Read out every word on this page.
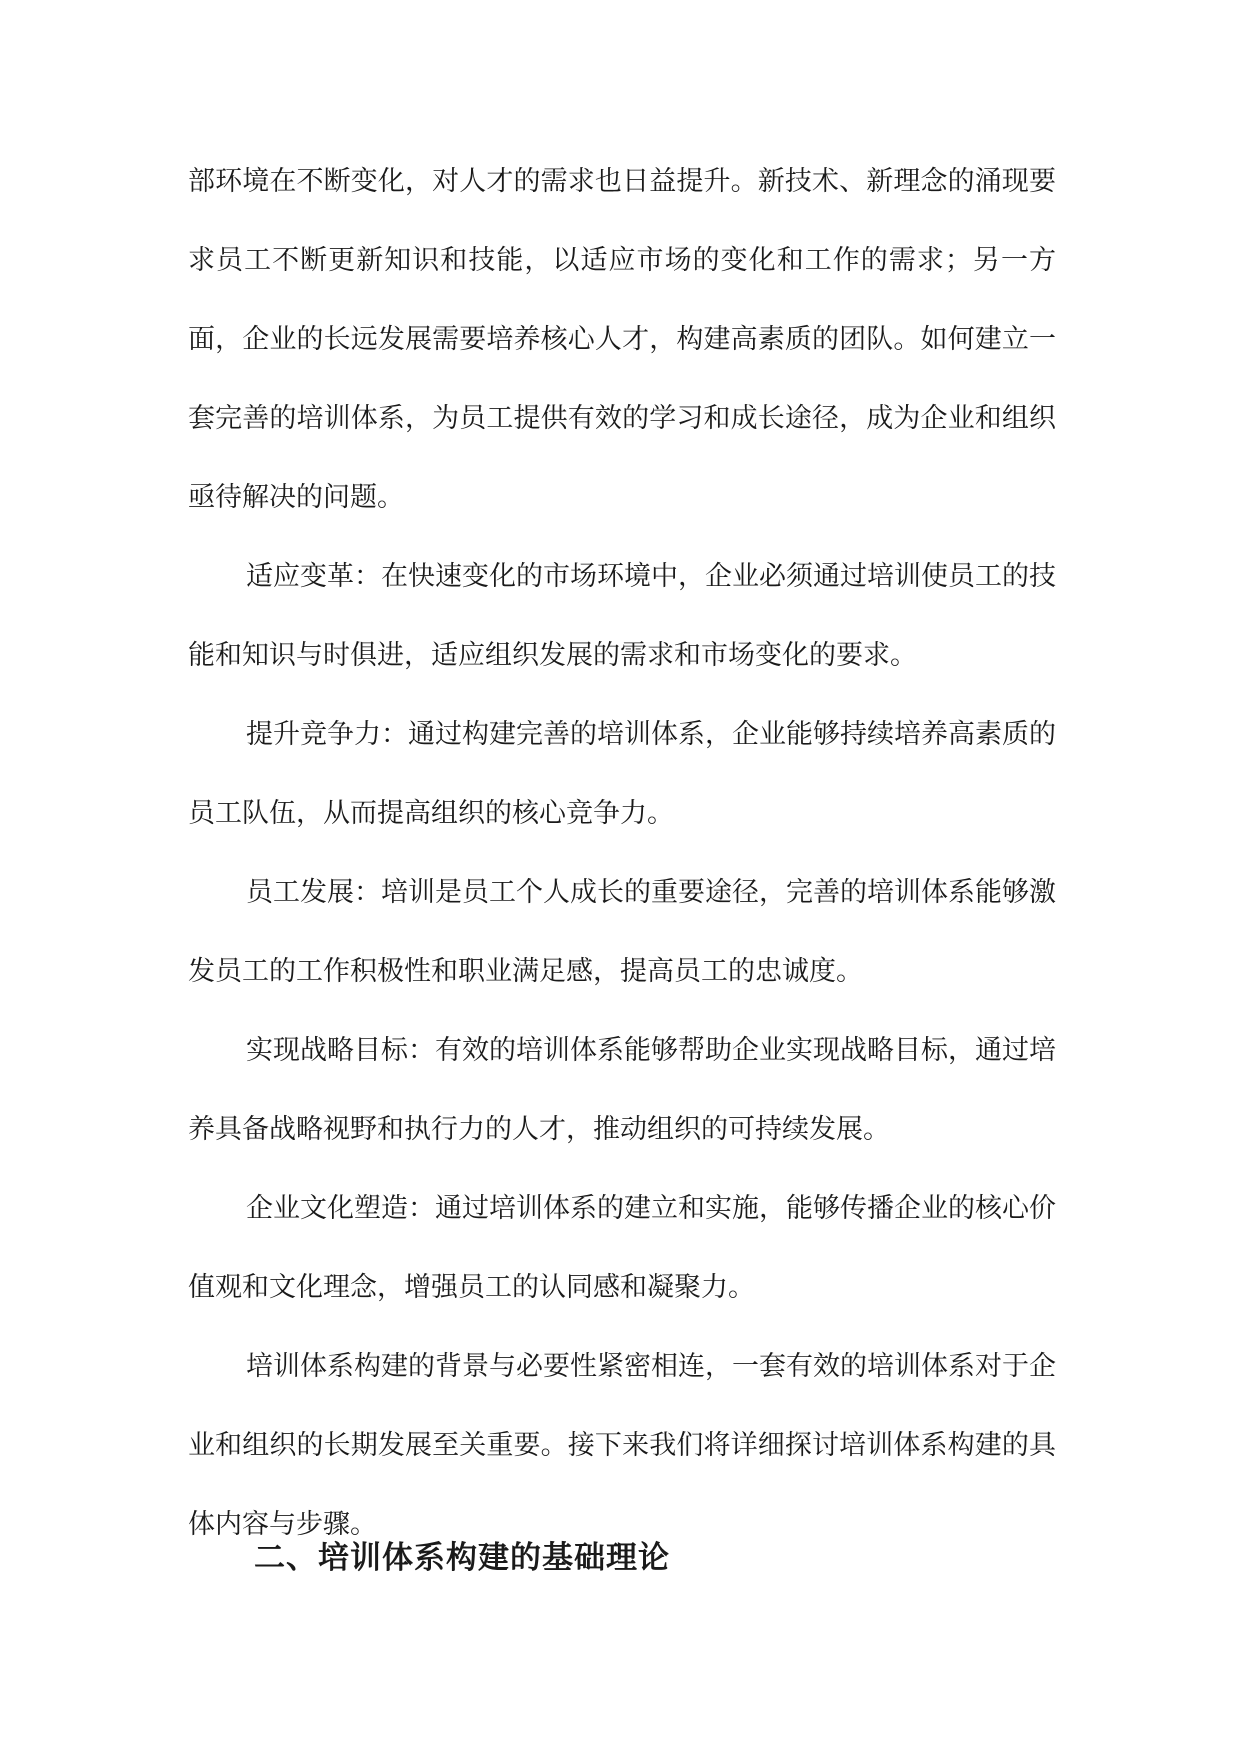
部环境在不断变化，对人才的需求也日益提升。新技术、新理念的涌现要求员工不断更新知识和技能，以适应市场的变化和工作的需求；另一方面，企业的长远发展需要培养核心人才，构建高素质的团队。如何建立一套完善的培训体系，为员工提供有效的学习和成长途径，成为企业和组织亟待解决的问题。

适应变革：在快速变化的市场环境中，企业必须通过培训使员工的技能和知识与时俱进，适应组织发展的需求和市场变化的要求。

提升竞争力：通过构建完善的培训体系，企业能够持续培养高素质的员工队伍，从而提高组织的核心竞争力。

员工发展：培训是员工个人成长的重要途径，完善的培训体系能够激发员工的工作积极性和职业满足感，提高员工的忠诚度。

实现战略目标：有效的培训体系能够帮助企业实现战略目标，通过培养具备战略视野和执行力的人才，推动组织的可持续发展。

企业文化塑造：通过培训体系的建立和实施，能够传播企业的核心价值观和文化理念，增强员工的认同感和凝聚力。

培训体系构建的背景与必要性紧密相连，一套有效的培训体系对于企业和组织的长期发展至关重要。接下来我们将详细探讨培训体系构建的具体内容与步骤。

二、培训体系构建的基础理论
